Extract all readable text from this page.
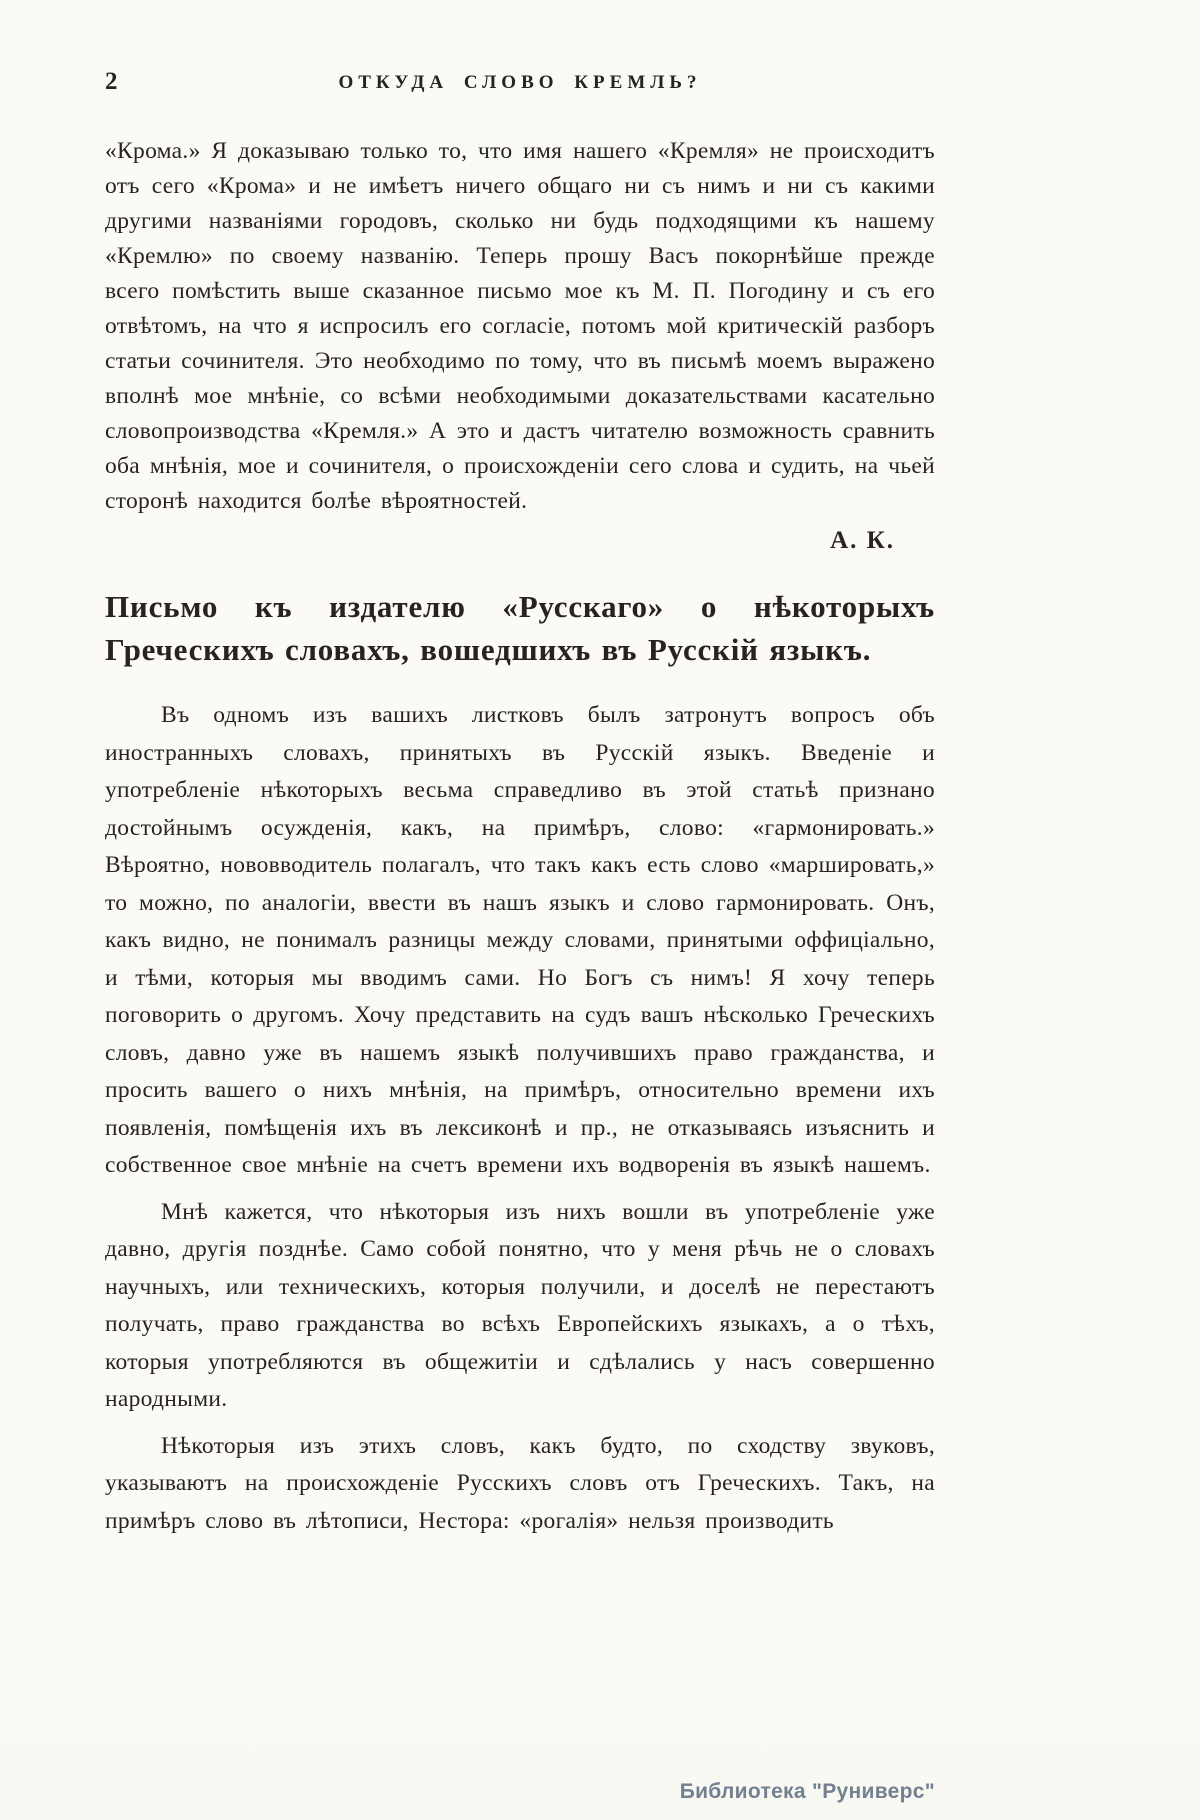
2	ОТКУДА СЛОВО КРЕМЛЬ?

«Крома.» Я доказываю только то, что имя нашего «Кремля» не происходитъ отъ сего «Крома» и не имѣетъ ничего общаго ни съ нимъ и ни съ какими другими названіями городовъ, сколько ни будь подходящими къ нашему «Кремлю» по своему названію. Теперь прошу Васъ покорнѣйше прежде всего помѣстить выше сказанное письмо мое къ М. П. Погодину и съ его отвѣтомъ, на что я испросилъ его согласіе, потомъ мой критическій разборъ статьи сочинителя. Это необходимо по тому, что въ письмѣ моемъ выражено вполнѣ мое мнѣніе, со всѣми необходимыми доказательствами касательно словопроизводства «Кремля.» А это и дастъ читателю возможность сравнить оба мнѣнія, мое и сочинителя, о происхожденіи сего слова и судить, на чьей сторонѣ находится болѣе вѣроятностей.

А. К.

Письмо къ издателю «Русскаго» о нѣкоторыхъ Греческихъ словахъ, вошедшихъ въ Русскій языкъ.

Въ одномъ изъ вашихъ листковъ былъ затронутъ вопросъ объ иностранныхъ словахъ, принятыхъ въ Русскій языкъ. Введеніе и употребленіе нѣкоторыхъ весьма справедливо въ этой статьѣ признано достойнымъ осужденія, какъ, на примѣръ, слово: «гармонировать.» Вѣроятно, нововводитель полагалъ, что такъ какъ есть слово «маршировать,» то можно, по аналогіи, ввести въ нашъ языкъ и слово гармонировать. Онъ, какъ видно, не понималъ разницы между словами, принятыми оффиціально, и тѣми, которыя мы вводимъ сами. Но Богъ съ нимъ! Я хочу теперь поговорить о другомъ. Хочу представить на судъ вашъ нѣсколько Греческихъ словъ, давно уже въ нашемъ языкѣ получившихъ право гражданства, и просить вашего о нихъ мнѣнія, на примѣръ, относительно времени ихъ появленія, помѣщенія ихъ въ лексиконѣ и пр., не отказываясь изъяснить и собственное свое мнѣніе на счетъ времени ихъ водворенія въ языкѣ нашемъ.

Мнѣ кажется, что нѣкоторыя изъ нихъ вошли въ употребленіе уже давно, другія позднѣе. Само собой понятно, что у меня рѣчь не о словахъ научныхъ, или техническихъ, которыя получили, и доселѣ не перестаютъ получать, право гражданства во всѣхъ Европейскихъ языкахъ, а о тѣхъ, которыя употребляются въ общежитіи и сдѣлались у насъ совершенно народными.

Нѣкоторыя изъ этихъ словъ, какъ будто, по сходству звуковъ, указываютъ на происхожденіе Русскихъ словъ отъ Греческихъ. Такъ, на примѣръ слово въ лѣтописи, Нестора: «рогалія» нельзя производить

Библиотека "Руниверс"
